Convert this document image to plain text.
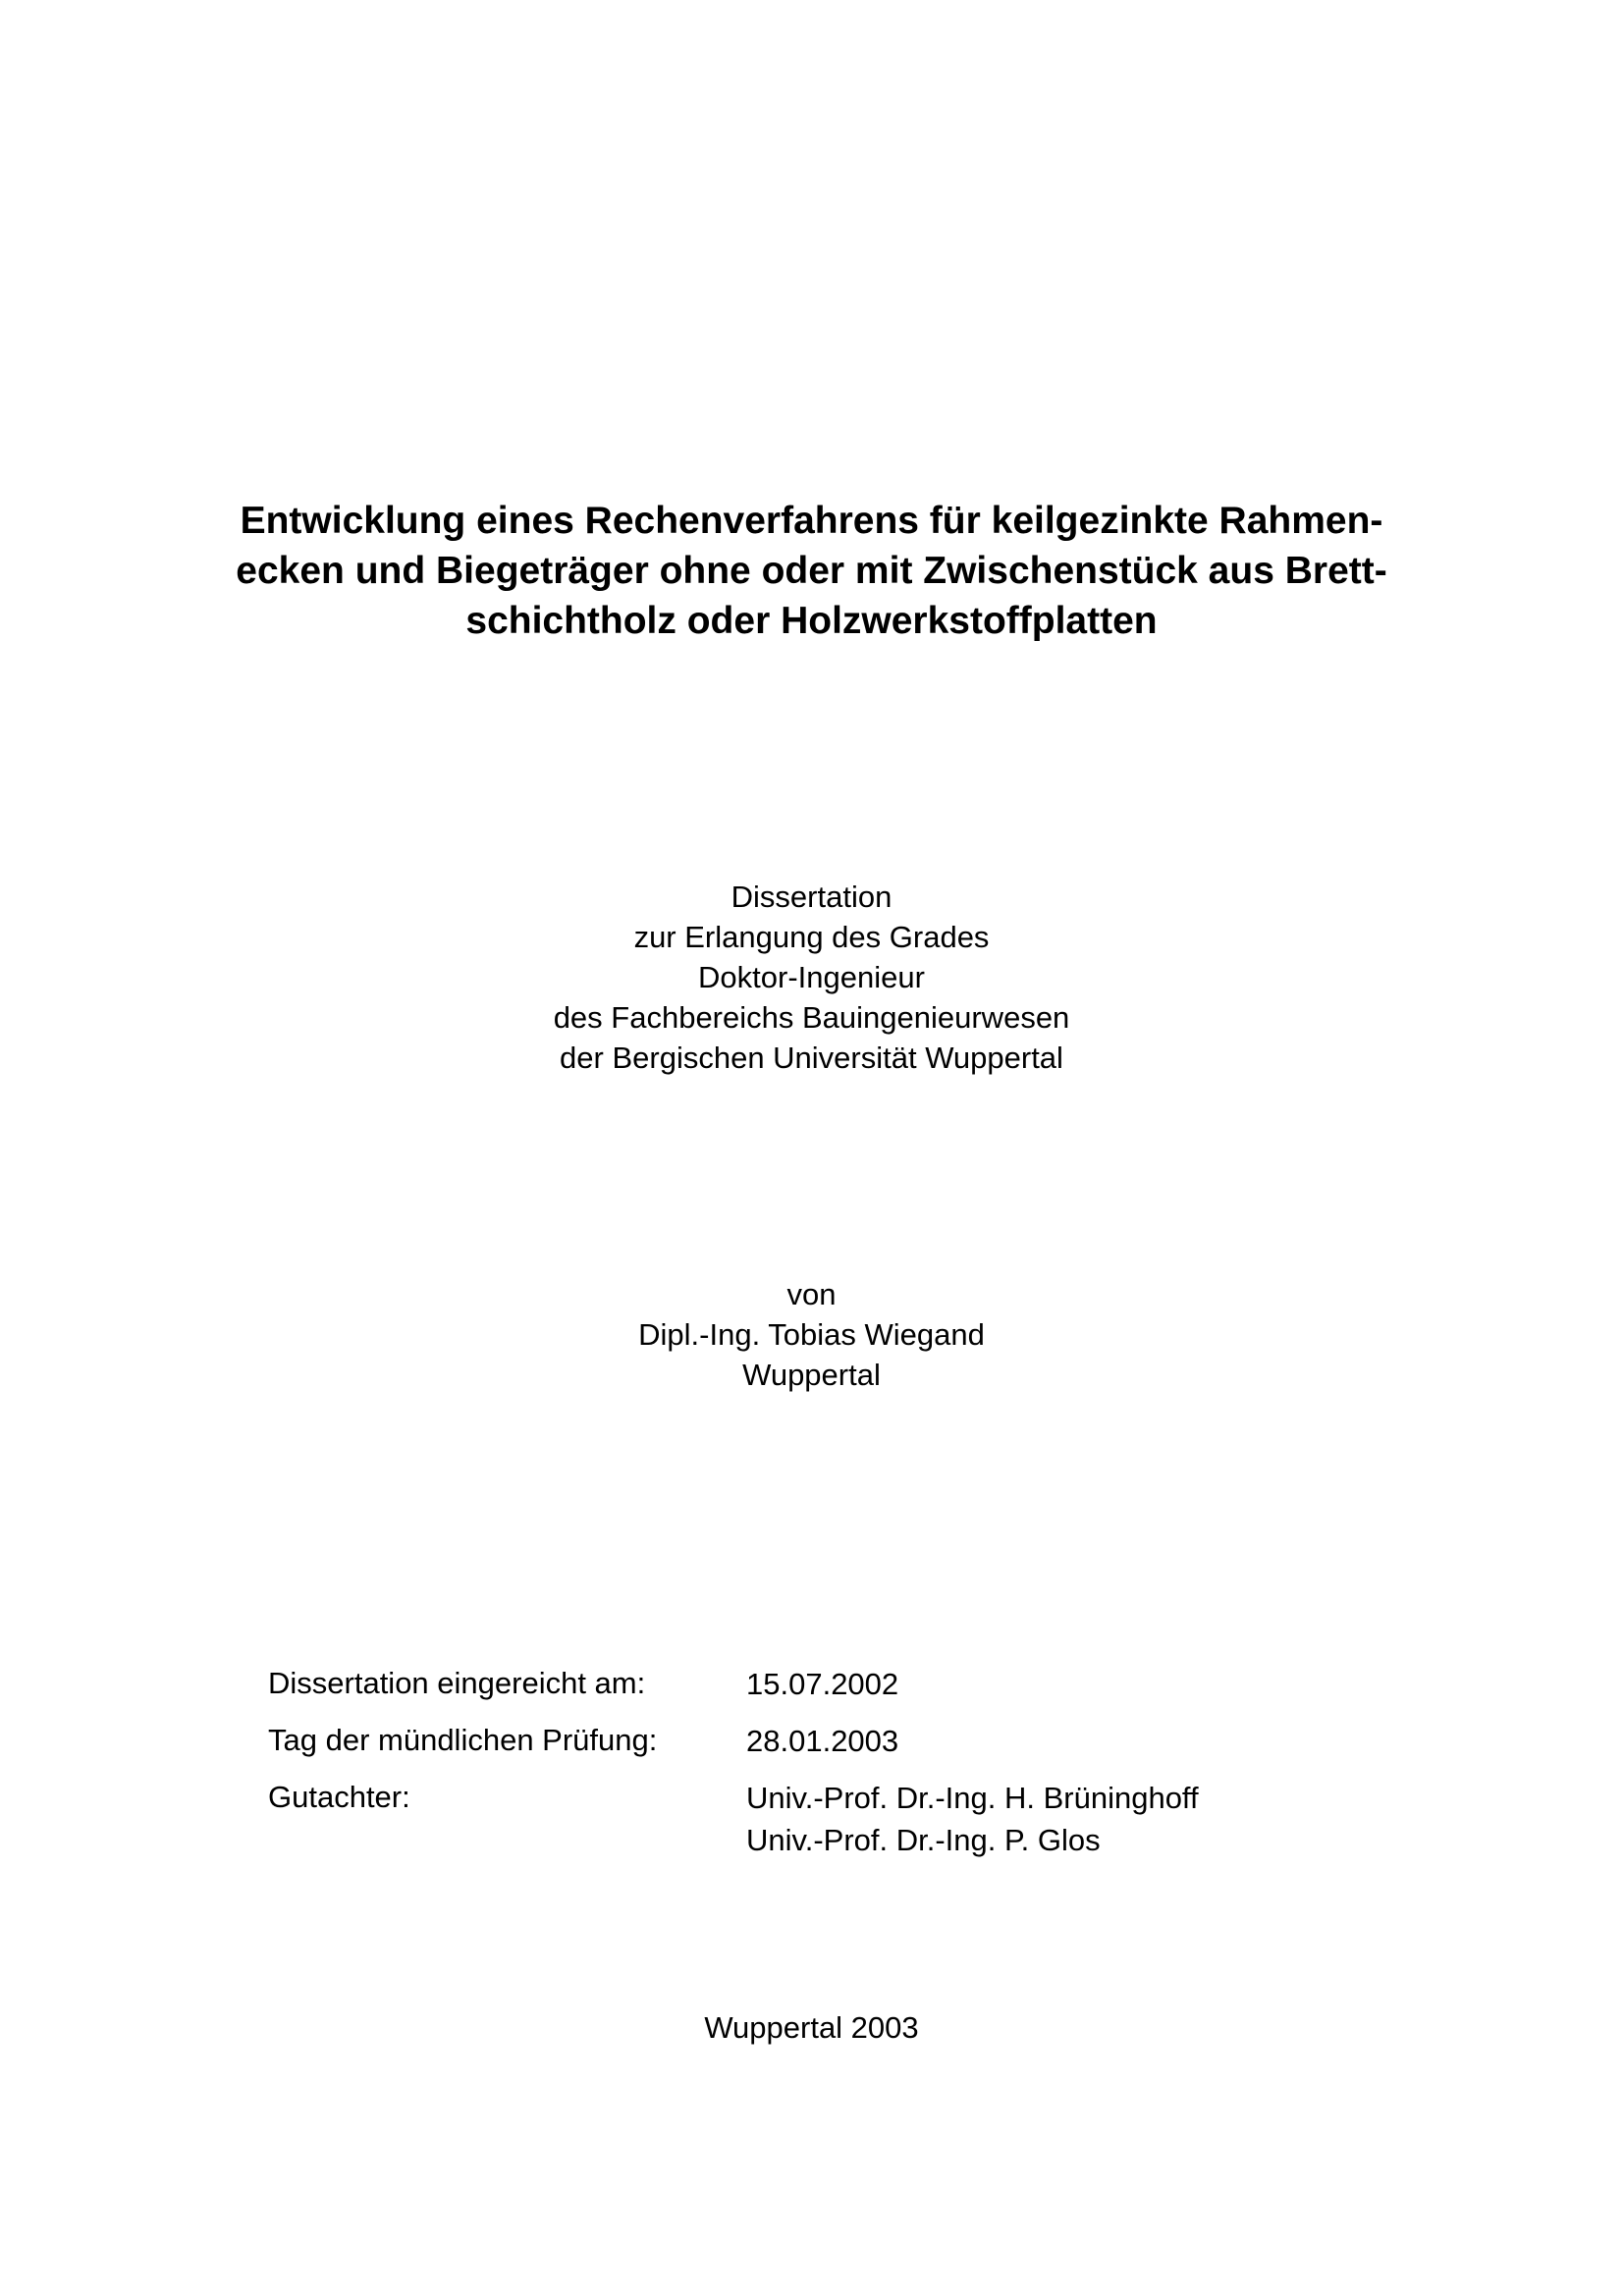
Entwicklung eines Rechenverfahrens für keilgezinkte Rahmen-
ecken und Biegeträger ohne oder mit Zwischenstück aus Brett-
schichtholz oder Holzwerkstoffplatten
Dissertation
zur Erlangung des Grades
Doktor-Ingenieur
des Fachbereichs Bauingenieurwesen
der Bergischen Universität Wuppertal
von
Dipl.-Ing. Tobias Wiegand
Wuppertal
Dissertation eingereicht am:	15.07.2002
Tag der mündlichen Prüfung:	28.01.2003
Gutachter:	Univ.-Prof. Dr.-Ing. H. Brüninghoff
Univ.-Prof. Dr.-Ing. P. Glos
Wuppertal 2003
